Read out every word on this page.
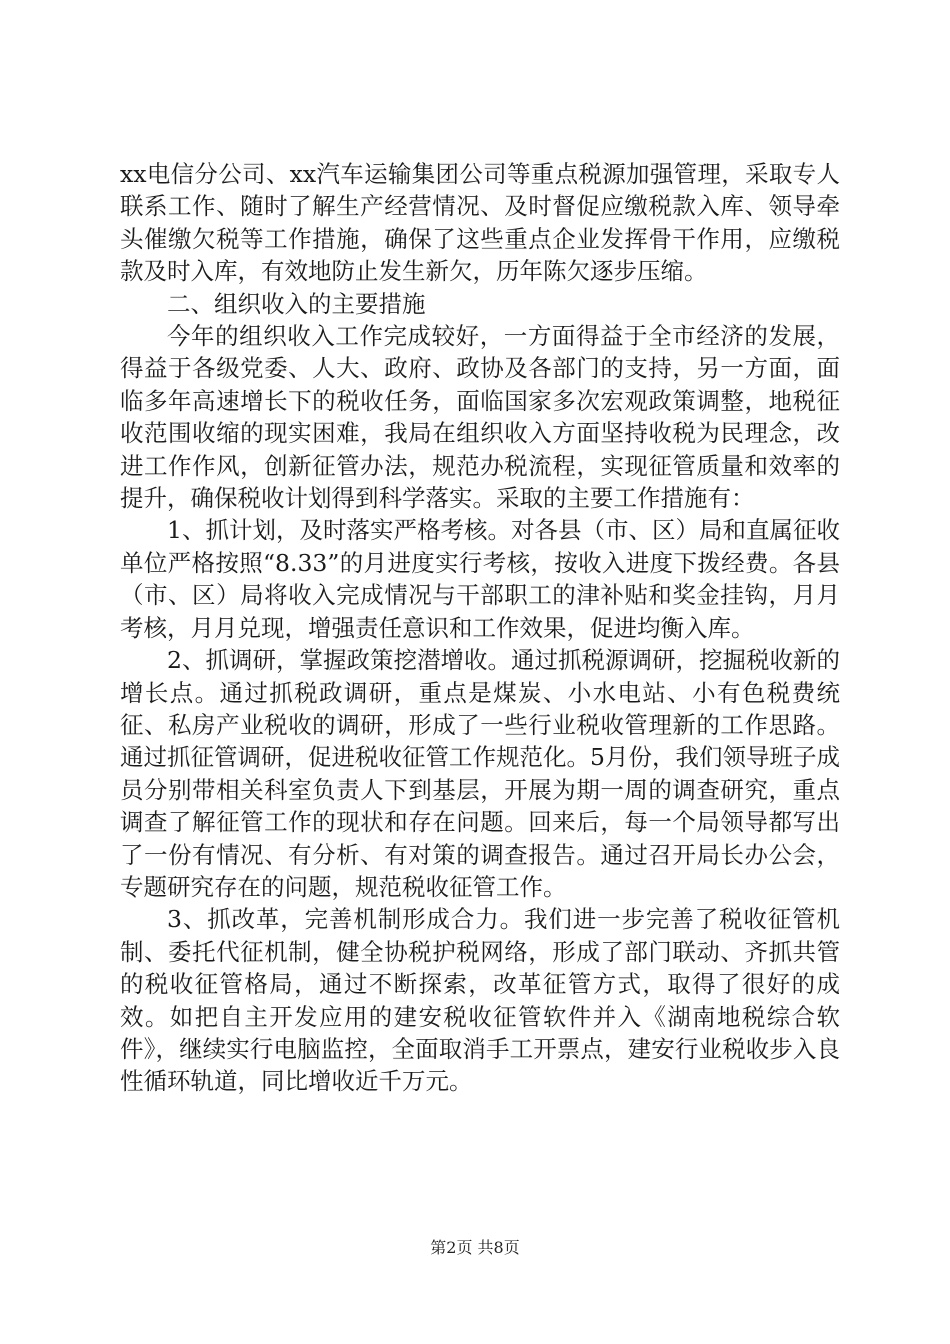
xx电信分公司、xx汽车运输集团公司等重点税源加强管理，采取专人联系工作、随时了解生产经营情况、及时督促应缴税款入库、领导牵头催缴欠税等工作措施，确保了这些重点企业发挥骨干作用，应缴税款及时入库，有效地防止发生新欠，历年陈欠逐步压缩。

二、组织收入的主要措施

今年的组织收入工作完成较好，一方面得益于全市经济的发展，得益于各级党委、人大、政府、政协及各部门的支持，另一方面，面临多年高速增长下的税收任务，面临国家多次宏观政策调整，地税征收范围收缩的现实困难，我局在组织收入方面坚持收税为民理念，改进工作作风，创新征管办法，规范办税流程，实现征管质量和效率的提升，确保税收计划得到科学落实。采取的主要工作措施有：

1、抓计划，及时落实严格考核。对各县（市、区）局和直属征收单位严格按照“8.33”的月进度实行考核，按收入进度下拨经费。各县（市、区）局将收入完成情况与干部职工的津补贴和奖金挂钩，月月考核，月月兑现，增强责任意识和工作效果，促进均衡入库。

2、抓调研，掌握政策挖潜增收。通过抓税源调研，挖掘税收新的增长点。通过抓税政调研，重点是煤炭、小水电站、小有色税费统征、私房产业税收的调研，形成了一些行业税收管理新的工作思路。通过抓征管调研，促进税收征管工作规范化。5月份，我们领导班子成员分别带相关科室负责人下到基层，开展为期一周的调查研究，重点调查了解征管工作的现状和存在问题。回来后，每一个局领导都写出了一份有情况、有分析、有对策的调查报告。通过召开局长办公会，专题研究存在的问题，规范税收征管工作。

3、抓改革，完善机制形成合力。我们进一步完善了税收征管机制、委托代征机制，健全协税护税网络，形成了部门联动、齐抓共管的税收征管格局，通过不断探索，改革征管方式，取得了很好的成效。如把自主开发应用的建安税收征管软件并入《湖南地税综合软件》，继续实行电脑监控，全面取消手工开票点，建安行业税收步入良性循环轨道，同比增收近千万元。

第2页 共8页
